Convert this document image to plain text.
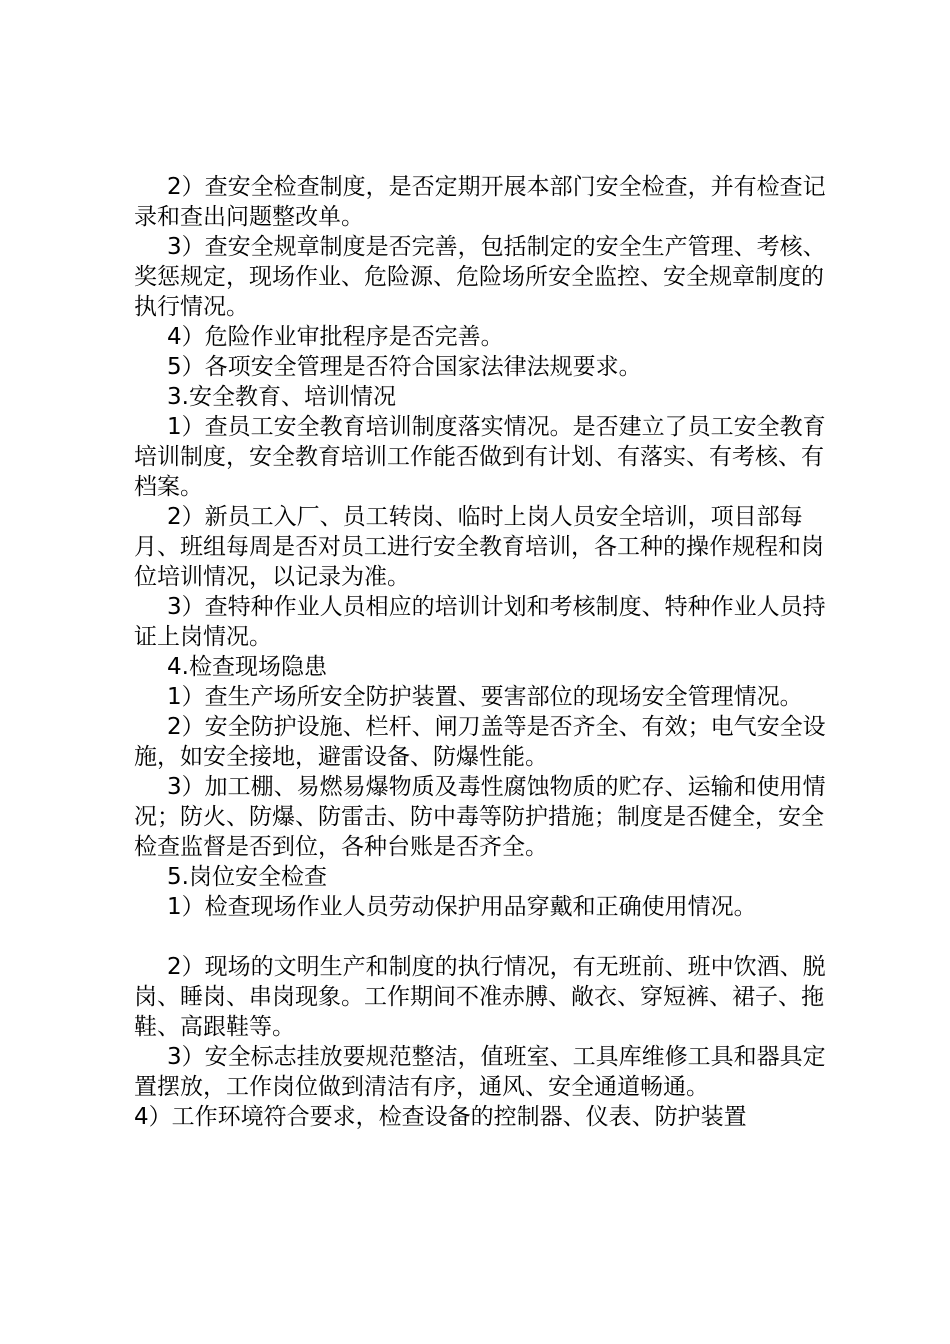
2）查安全检查制度，是否定期开展本部门安全检查，并有检查记录和查出问题整改单。

3）查安全规章制度是否完善，包括制定的安全生产管理、考核、奖惩规定，现场作业、危险源、危险场所安全监控、安全规章制度的执行情况。

4）危险作业审批程序是否完善。

5）各项安全管理是否符合国家法律法规要求。

3.安全教育、培训情况

1）查员工安全教育培训制度落实情况。是否建立了员工安全教育培训制度，安全教育培训工作能否做到有计划、有落实、有考核、有档案。

2）新员工入厂、员工转岗、临时上岗人员安全培训，项目部每月、班组每周是否对员工进行安全教育培训，各工种的操作规程和岗位培训情况，以记录为准。

3）查特种作业人员相应的培训计划和考核制度、特种作业人员持证上岗情况。

4.检查现场隐患

1）查生产场所安全防护装置、要害部位的现场安全管理情况。

2）安全防护设施、栏杆、闸刀盖等是否齐全、有效；电气安全设施，如安全接地，避雷设备、防爆性能。

3）加工棚、易燃易爆物质及毒性腐蚀物质的贮存、运输和使用情况；防火、防爆、防雷击、防中毒等防护措施；制度是否健全，安全检查监督是否到位，各种台账是否齐全。

5.岗位安全检查

1）检查现场作业人员劳动保护用品穿戴和正确使用情况。

2）现场的文明生产和制度的执行情况，有无班前、班中饮酒、脱岗、睡岗、串岗现象。工作期间不准赤膊、敞衣、穿短裤、裙子、拖鞋、高跟鞋等。

3）安全标志挂放要规范整洁，值班室、工具库维修工具和器具定置摆放，工作岗位做到清洁有序，通风、安全通道畅通。

4）工作环境符合要求，检查设备的控制器、仪表、防护装置
